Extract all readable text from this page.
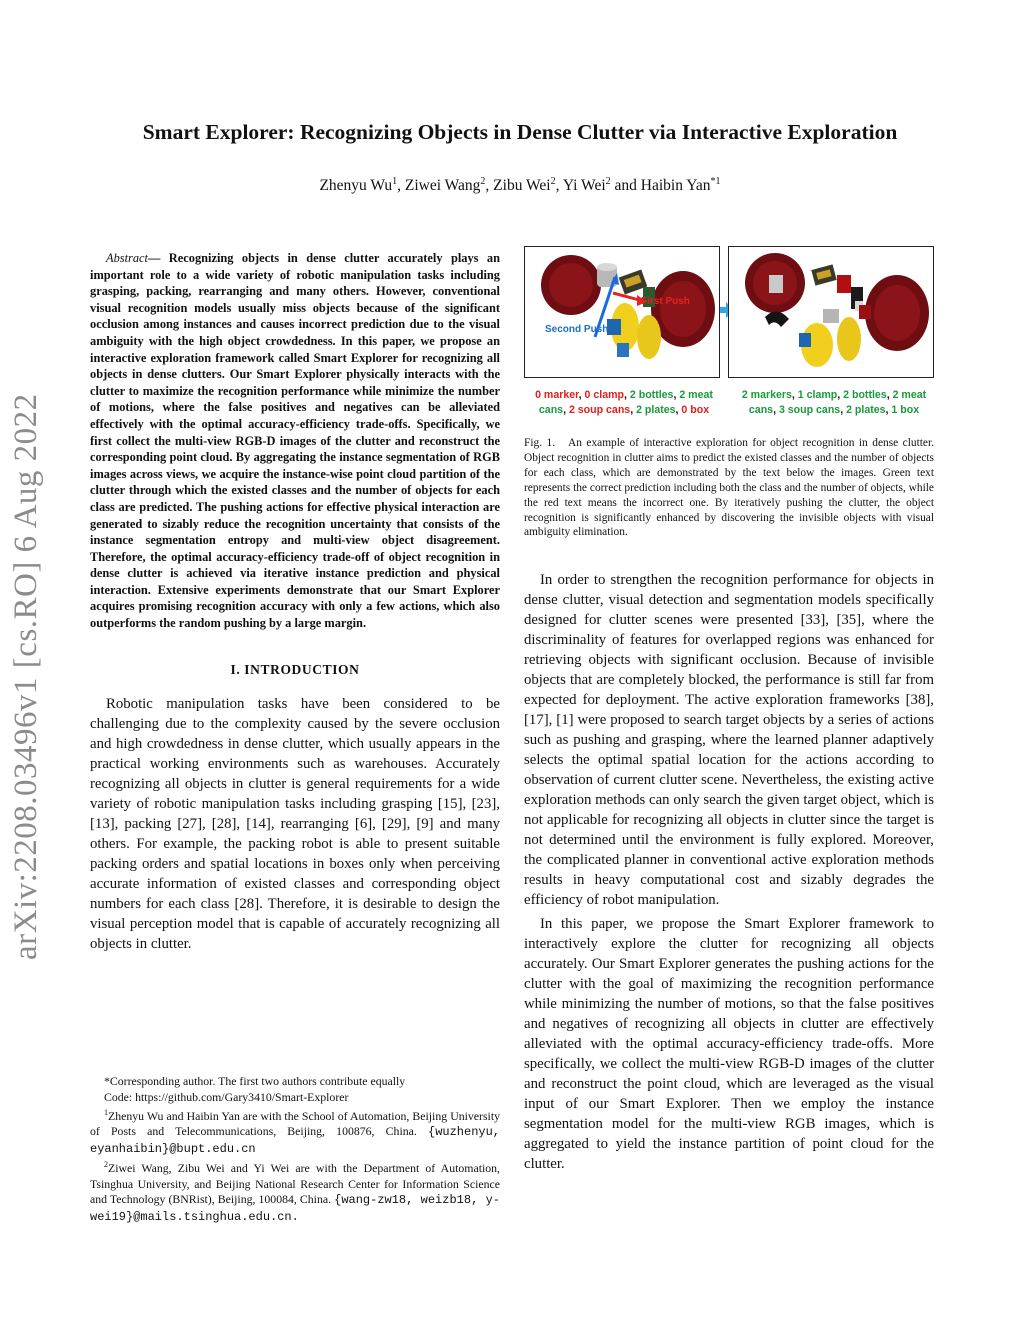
arXiv:2208.03496v1 [cs.RO] 6 Aug 2022
Smart Explorer: Recognizing Objects in Dense Clutter via Interactive Exploration
Zhenyu Wu$^1$, Ziwei Wang$^2$, Zibu Wei$^2$, Yi Wei$^2$ and Haibin Yan$^{*1}$

Abstract— Recognizing objects in dense clutter accurately plays an important role to a wide variety of robotic manipulation tasks including grasping, packing, rearranging and many others. However, conventional visual recognition models usually miss objects because of the significant occlusion among instances and causes incorrect prediction due to the visual ambiguity with the high object crowdedness. In this paper, we propose an interactive exploration framework called Smart Explorer for recognizing all objects in dense clutters. Our Smart Explorer physically interacts with the clutter to maximize the recognition performance while minimize the number of motions, where the false positives and negatives can be alleviated effectively with the optimal accuracy-efficiency trade-offs. Specifically, we first collect the multi-view RGB-D images of the clutter and reconstruct the corresponding point cloud. By aggregating the instance segmentation of RGB images across views, we acquire the instance-wise point cloud partition of the clutter through which the existed classes and the number of objects for each class are predicted. The pushing actions for effective physical interaction are generated to sizably reduce the recognition uncertainty that consists of the instance segmentation entropy and multi-view object disagreement. Therefore, the optimal accuracy-efficiency trade-off of object recognition in dense clutter is achieved via iterative instance prediction and physical interaction. Extensive experiments demonstrate that our Smart Explorer acquires promising recognition accuracy with only a few actions, which also outperforms the random pushing by a large margin.

I. INTRODUCTION

Robotic manipulation tasks have been considered to be challenging due to the complexity caused by the severe occlusion and high crowdedness in dense clutter, which usually appears in the practical working environments such as warehouses. Accurately recognizing all objects in clutter is general requirements for a wide variety of robotic manipulation tasks including grasping [15], [23], [13], packing [27], [28], [14], rearranging [6], [29], [9] and many others. For example, the packing robot is able to present suitable packing orders and spatial locations in boxes only when perceiving accurate information of existed classes and corresponding object numbers for each class [28]. Therefore, it is desirable to design the visual perception model that is capable of accurately recognizing all objects in clutter.

*Corresponding author. The first two authors contribute equally

Code: https://github.com/Gary3410/Smart-Explorer

$^1$Zhenyu Wu and Haibin Yan are with the School of Automation, Beijing University of Posts and Telecommunications, Beijing, 100876, China. {wuzhenyu, eyanhaibin}@bupt.edu.cn

$^2$Ziwei Wang, Zibu Wei and Yi Wei are with the Department of Automation, Tsinghua University, and Beijing National Research Center for Information Science and Technology (BNRist), Beijing, 100084, China. {wang-zw18, weizb18, y-wei19}@mails.tsinghua.edu.cn.

First Push
Second Push
0 marker, 0 clamp, 2 bottles, 2 meat cans, 2 soup cans, 2 plates, 0 box
2 markers, 1 clamp, 2 bottles, 2 meat cans, 3 soup cans, 2 plates, 1 box

Fig. 1. An example of interactive exploration for object recognition in dense clutter. Object recognition in clutter aims to predict the existed classes and the number of objects for each class, which are demonstrated by the text below the images. Green text represents the correct prediction including both the class and the number of objects, while the red text means the incorrect one. By iteratively pushing the clutter, the object recognition is significantly enhanced by discovering the invisible objects with visual ambiguity elimination.

In order to strengthen the recognition performance for objects in dense clutter, visual detection and segmentation models specifically designed for clutter scenes were presented [33], [35], where the discriminality of features for overlapped regions was enhanced for retrieving objects with significant occlusion. Because of invisible objects that are completely blocked, the performance is still far from expected for deployment. The active exploration frameworks [38], [17], [1] were proposed to search target objects by a series of actions such as pushing and grasping, where the learned planner adaptively selects the optimal spatial location for the actions according to observation of current clutter scene. Nevertheless, the existing active exploration methods can only search the given target object, which is not applicable for recognizing all objects in clutter since the target is not determined until the environment is fully explored. Moreover, the complicated planner in conventional active exploration methods results in heavy computational cost and sizably degrades the efficiency of robot manipulation.

In this paper, we propose the Smart Explorer framework to interactively explore the clutter for recognizing all objects accurately. Our Smart Explorer generates the pushing actions for the clutter with the goal of maximizing the recognition performance while minimizing the number of motions, so that the false positives and negatives of recognizing all objects in clutter are effectively alleviated with the optimal accuracy-efficiency trade-offs. More specifically, we collect the multi-view RGB-D images of the clutter and reconstruct the point cloud, which are leveraged as the visual input of our Smart Explorer. Then we employ the instance segmentation model for the multi-view RGB images, which is aggregated to yield the instance partition of point cloud for the clutter.
